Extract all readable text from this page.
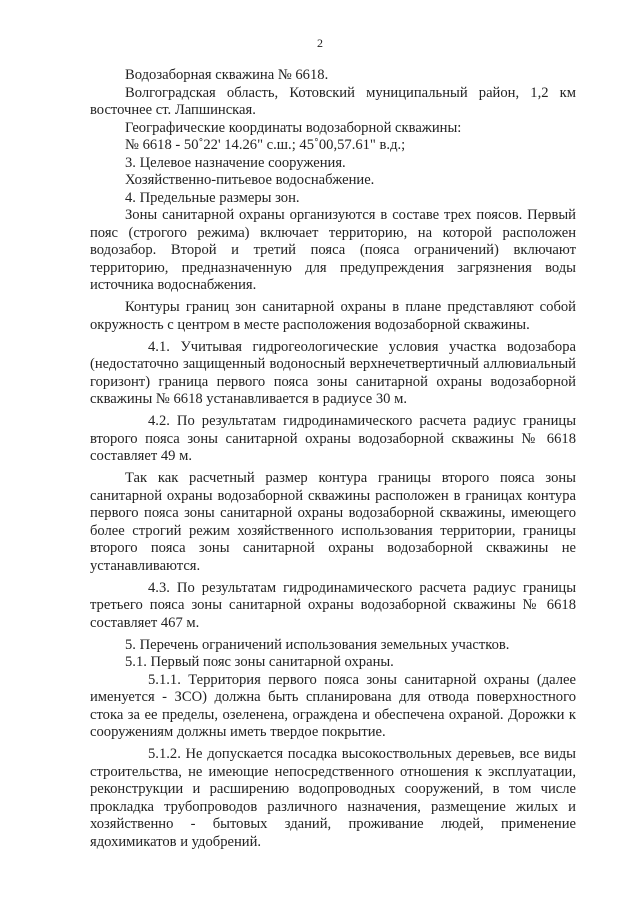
2

Водозаборная скважина № 6618.

Волгоградская область, Котовский муниципальный район, 1,2 км восточнее ст. Лапшинская.

Географические координаты водозаборной скважины:

№ 6618 - 50˚22' 14.26" с.ш.; 45˚00,57.61" в.д.;

3. Целевое назначение сооружения.

Хозяйственно-питьевое водоснабжение.

4. Предельные размеры зон.

Зоны санитарной охраны организуются в составе трех поясов. Первый пояс (строгого режима) включает территорию, на которой расположен водозабор. Второй и третий пояса (пояса ограничений) включают территорию, предназначенную для предупреждения загрязнения воды источника водоснабжения.

Контуры границ зон санитарной охраны в плане представляют собой окружность с центром в месте расположения водозаборной скважины.

4.1. Учитывая гидрогеологические условия участка водозабора (недостаточно защищенный водоносный верхнечетвертичный аллювиальный горизонт) граница первого пояса зоны санитарной охраны водозаборной скважины № 6618 устанавливается в радиусе 30 м.

4.2. По результатам гидродинамического расчета радиус границы второго пояса зоны санитарной охраны водозаборной скважины № 6618 составляет 49 м.

Так как расчетный размер контура границы второго пояса зоны санитарной охраны водозаборной скважины расположен в границах контура первого пояса зоны санитарной охраны водозаборной скважины, имеющего более строгий режим хозяйственного использования территории, границы второго пояса зоны санитарной охраны водозаборной скважины не устанавливаются.

4.3. По результатам гидродинамического расчета радиус границы третьего пояса зоны санитарной охраны водозаборной скважины № 6618 составляет 467 м.

5. Перечень ограничений использования земельных участков.

5.1. Первый пояс зоны санитарной охраны.

5.1.1. Территория первого пояса зоны санитарной охраны (далее именуется - ЗСО) должна быть спланирована для отвода поверхностного стока за ее пределы, озеленена, ограждена и обеспечена охраной. Дорожки к сооружениям должны иметь твердое покрытие.

5.1.2. Не допускается посадка высокоствольных деревьев, все виды строительства, не имеющие непосредственного отношения к эксплуатации, реконструкции и расширению водопроводных сооружений, в том числе прокладка трубопроводов различного назначения, размещение жилых и хозяйственно - бытовых зданий, проживание людей, применение ядохимикатов и удобрений.
